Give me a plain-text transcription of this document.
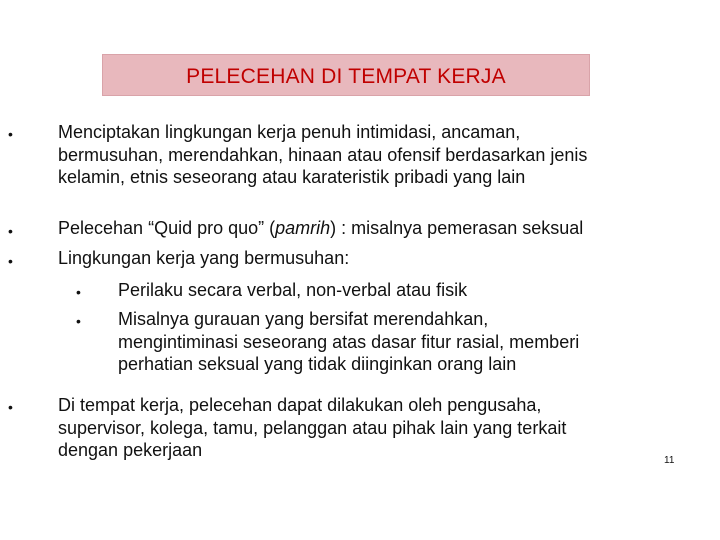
PELECEHAN DI TEMPAT KERJA
•	Menciptakan lingkungan kerja penuh intimidasi, ancaman,
bermusuhan, merendahkan, hinaan atau ofensif berdasarkan jenis
kelamin, etnis seseorang atau karateristik pribadi yang lain
•	Pelecehan “Quid pro quo” (pamrih) : misalnya pemerasan seksual
•	Lingkungan kerja yang bermusuhan:
• Perilaku secara verbal, non-verbal atau fisik
• Misalnya gurauan yang bersifat merendahkan,
mengintiminasi seseorang atas dasar fitur rasial, memberi
perhatian seksual yang tidak diinginkan orang lain
•	Di tempat kerja, pelecehan dapat dilakukan oleh pengusaha,
supervisor, kolega, tamu, pelanggan atau pihak lain yang terkait
dengan pekerjaan
11
